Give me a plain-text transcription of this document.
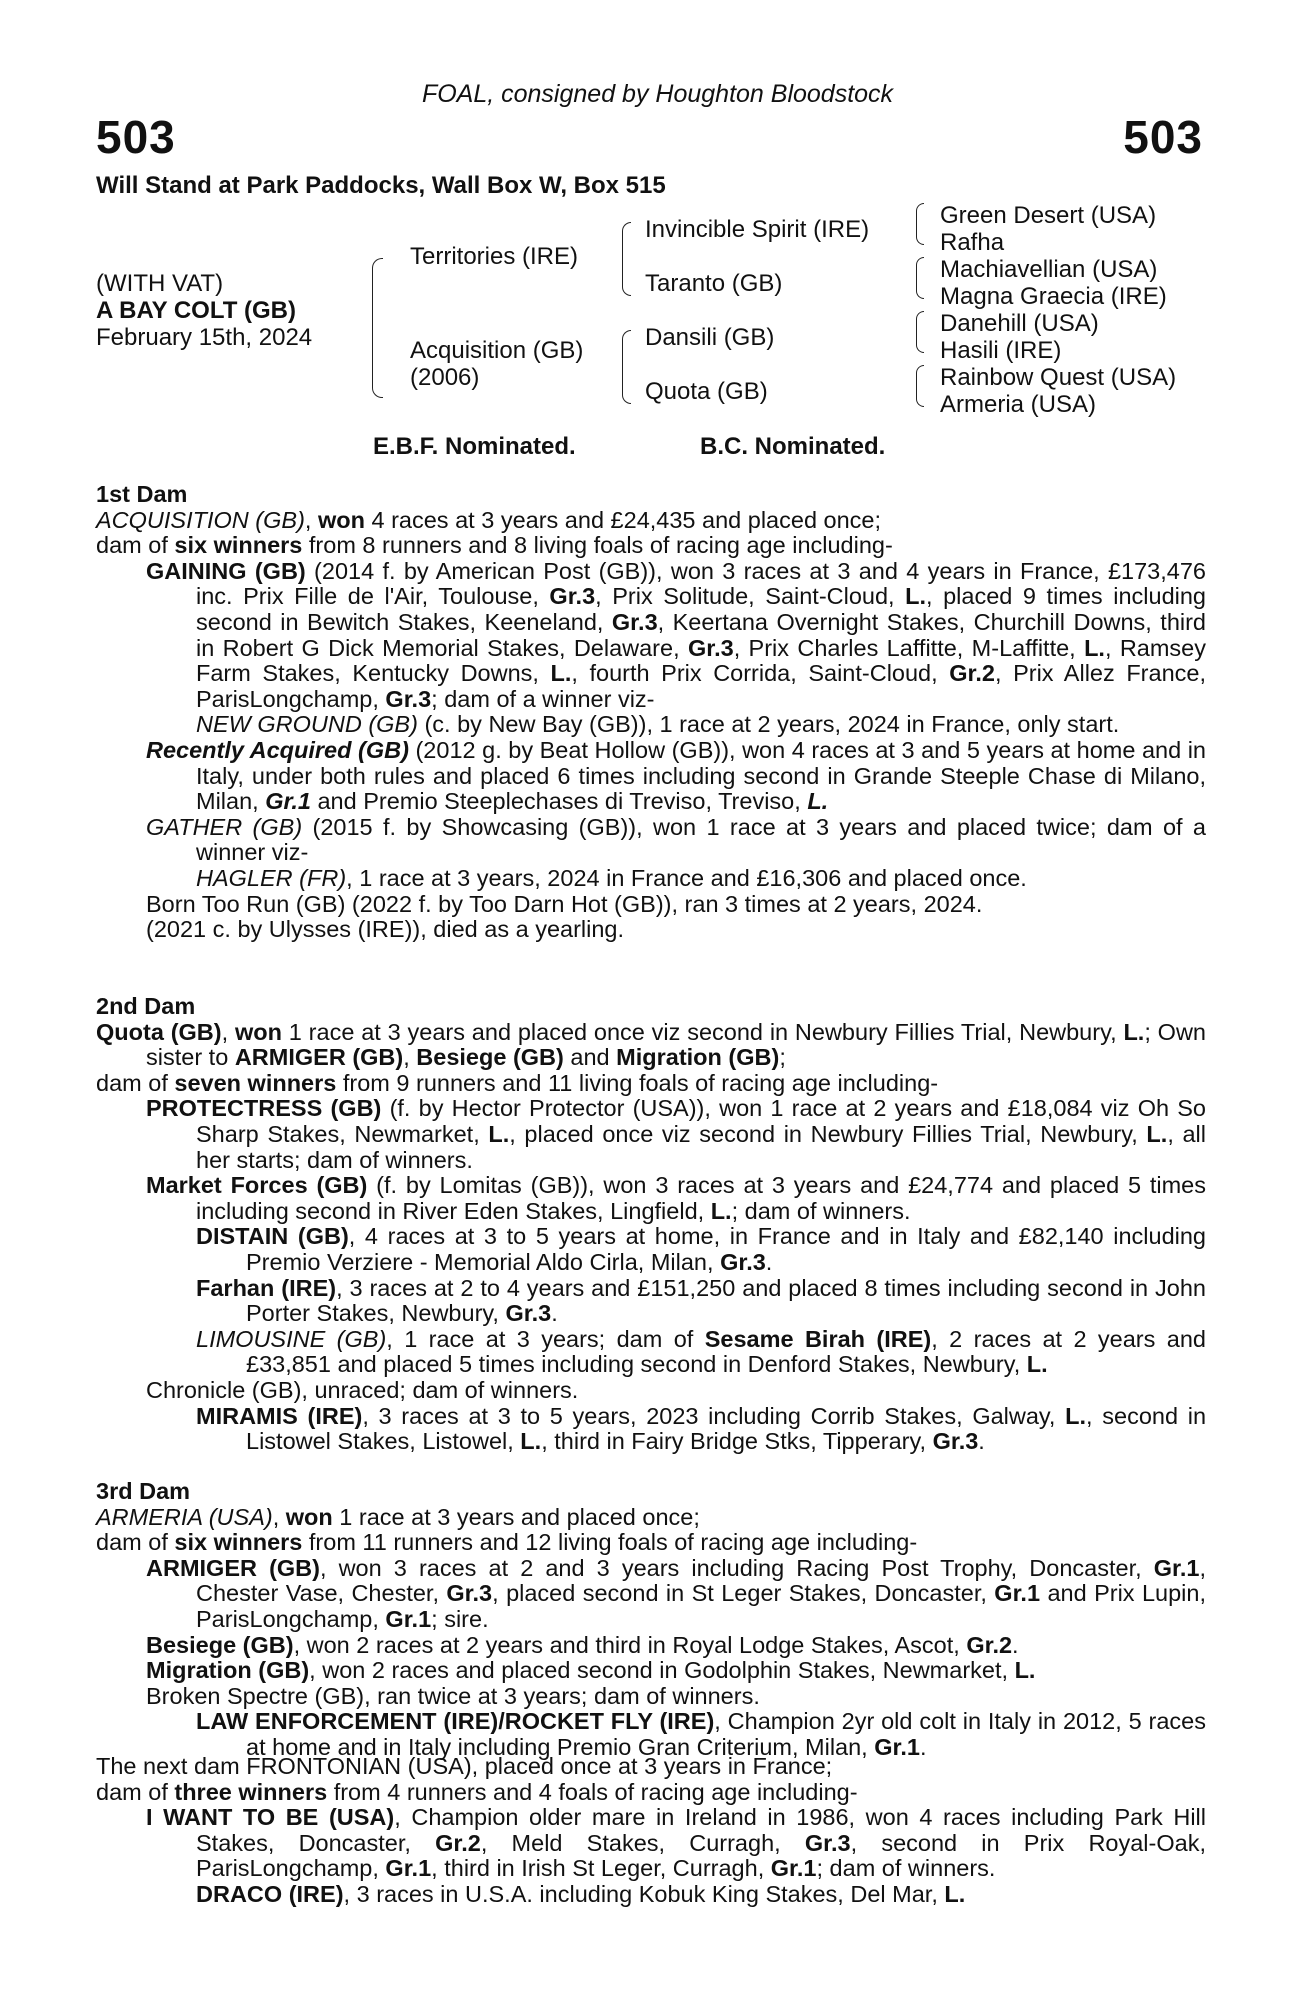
FOAL, consigned by Houghton Bloodstock
503	503
Will Stand at Park Paddocks, Wall Box W, Box 515
(WITH VAT)
A BAY COLT (GB)
February 15th, 2024
Territories (IRE)
Acquisition (GB)
(2006)
Invincible Spirit (IRE)
Taranto (GB)
Dansili (GB)
Quota (GB)
Green Desert (USA)
Rafha
Machiavellian (USA)
Magna Graecia (IRE)
Danehill (USA)
Hasili (IRE)
Rainbow Quest (USA)
Armeria (USA)
E.B.F. Nominated.	B.C. Nominated.

1st Dam

ACQUISITION (GB), won 4 races at 3 years and £24,435 and placed once;

dam of six winners from 8 runners and 8 living foals of racing age including-

GAINING (GB) (2014 f. by American Post (GB)), won 3 races at 3 and 4 years in France, £173,476 inc. Prix Fille de l'Air, Toulouse, Gr.3, Prix Solitude, Saint-Cloud, L., placed 9 times including second in Bewitch Stakes, Keeneland, Gr.3, Keertana Overnight Stakes, Churchill Downs, third in Robert G Dick Memorial Stakes, Delaware, Gr.3, Prix Charles Laffitte, M-Laffitte, L., Ramsey Farm Stakes, Kentucky Downs, L., fourth Prix Corrida, Saint-Cloud, Gr.2, Prix Allez France, ParisLongchamp, Gr.3; dam of a winner viz-

NEW GROUND (GB) (c. by New Bay (GB)), 1 race at 2 years, 2024 in France, only start.

Recently Acquired (GB) (2012 g. by Beat Hollow (GB)), won 4 races at 3 and 5 years at home and in Italy, under both rules and placed 6 times including second in Grande Steeple Chase di Milano, Milan, Gr.1 and Premio Steeplechases di Treviso, Treviso, L.

GATHER (GB) (2015 f. by Showcasing (GB)), won 1 race at 3 years and placed twice; dam of a winner viz-

HAGLER (FR), 1 race at 3 years, 2024 in France and £16,306 and placed once.

Born Too Run (GB) (2022 f. by Too Darn Hot (GB)), ran 3 times at 2 years, 2024.

(2021 c. by Ulysses (IRE)), died as a yearling.

2nd Dam

Quota (GB), won 1 race at 3 years and placed once viz second in Newbury Fillies Trial, Newbury, L.; Own sister to ARMIGER (GB), Besiege (GB) and Migration (GB);

dam of seven winners from 9 runners and 11 living foals of racing age including-

PROTECTRESS (GB) (f. by Hector Protector (USA)), won 1 race at 2 years and £18,084 viz Oh So Sharp Stakes, Newmarket, L., placed once viz second in Newbury Fillies Trial, Newbury, L., all her starts; dam of winners.

Market Forces (GB) (f. by Lomitas (GB)), won 3 races at 3 years and £24,774 and placed 5 times including second in River Eden Stakes, Lingfield, L.; dam of winners.

DISTAIN (GB), 4 races at 3 to 5 years at home, in France and in Italy and £82,140 including Premio Verziere - Memorial Aldo Cirla, Milan, Gr.3.

Farhan (IRE), 3 races at 2 to 4 years and £151,250 and placed 8 times including second in John Porter Stakes, Newbury, Gr.3.

LIMOUSINE (GB), 1 race at 3 years; dam of Sesame Birah (IRE), 2 races at 2 years and £33,851 and placed 5 times including second in Denford Stakes, Newbury, L.

Chronicle (GB), unraced; dam of winners.

MIRAMIS (IRE), 3 races at 3 to 5 years, 2023 including Corrib Stakes, Galway, L., second in Listowel Stakes, Listowel, L., third in Fairy Bridge Stks, Tipperary, Gr.3.

3rd Dam

ARMERIA (USA), won 1 race at 3 years and placed once;

dam of six winners from 11 runners and 12 living foals of racing age including-

ARMIGER (GB), won 3 races at 2 and 3 years including Racing Post Trophy, Doncaster, Gr.1, Chester Vase, Chester, Gr.3, placed second in St Leger Stakes, Doncaster, Gr.1 and Prix Lupin, ParisLongchamp, Gr.1; sire.

Besiege (GB), won 2 races at 2 years and third in Royal Lodge Stakes, Ascot, Gr.2.

Migration (GB), won 2 races and placed second in Godolphin Stakes, Newmarket, L.

Broken Spectre (GB), ran twice at 3 years; dam of winners.

LAW ENFORCEMENT (IRE)/ROCKET FLY (IRE), Champion 2yr old colt in Italy in 2012, 5 races at home and in Italy including Premio Gran Criterium, Milan, Gr.1.

The next dam FRONTONIAN (USA), placed once at 3 years in France;

dam of three winners from 4 runners and 4 foals of racing age including-

I WANT TO BE (USA), Champion older mare in Ireland in 1986, won 4 races including Park Hill Stakes, Doncaster, Gr.2, Meld Stakes, Curragh, Gr.3, second in Prix Royal-Oak, ParisLongchamp, Gr.1, third in Irish St Leger, Curragh, Gr.1; dam of winners.

DRACO (IRE), 3 races in U.S.A. including Kobuk King Stakes, Del Mar, L.
